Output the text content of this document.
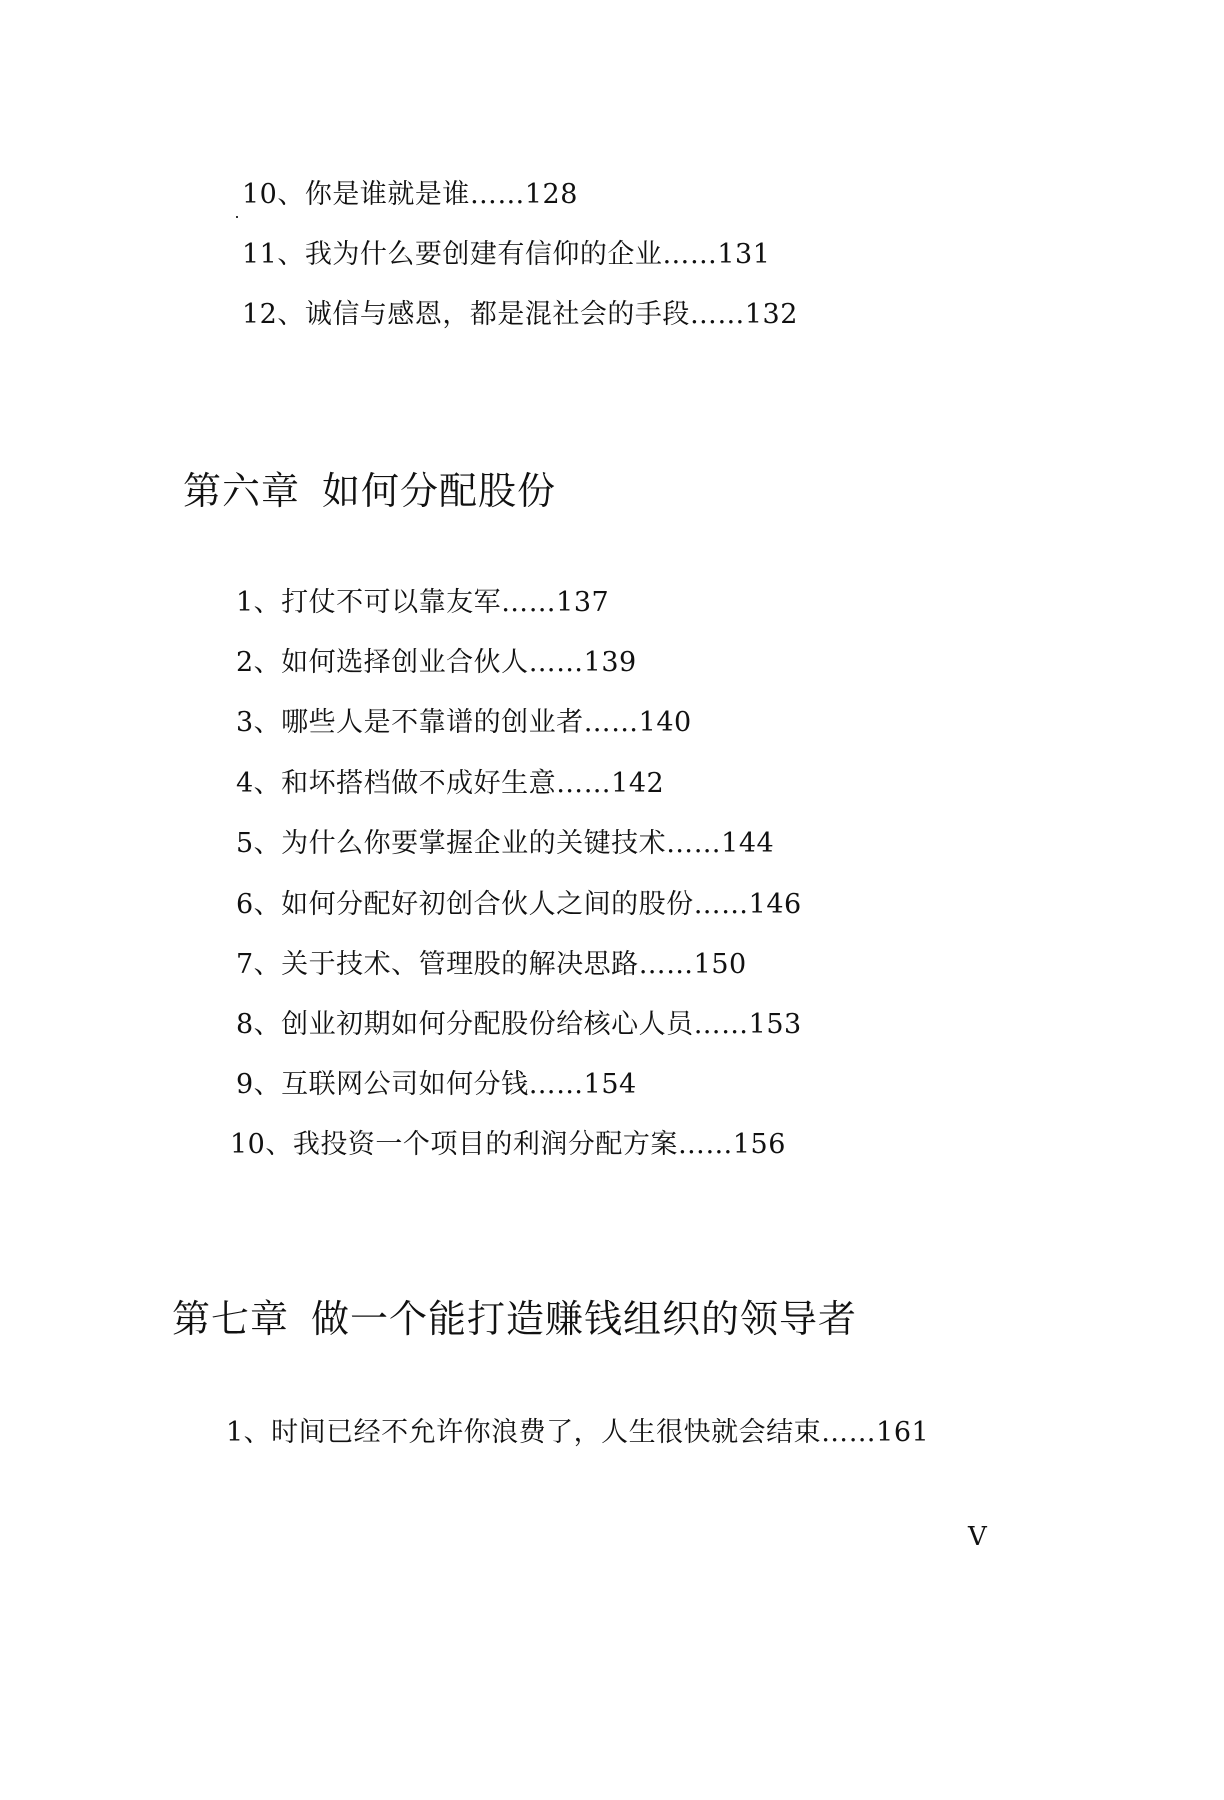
10、你是谁就是谁……128
11、我为什么要创建有信仰的企业……131
12、诚信与感恩，都是混社会的手段……132
第六章 如何分配股份
1、打仗不可以靠友军……137
2、如何选择创业合伙人……139
3、哪些人是不靠谱的创业者……140
4、和坏搭档做不成好生意……142
5、为什么你要掌握企业的关键技术……144
6、如何分配好初创合伙人之间的股份……146
7、关于技术、管理股的解决思路……150
8、创业初期如何分配股份给核心人员……153
9、互联网公司如何分钱……154
10、我投资一个项目的利润分配方案……156
第七章 做一个能打造赚钱组织的领导者
1、时间已经不允许你浪费了，人生很快就会结束……161
V
